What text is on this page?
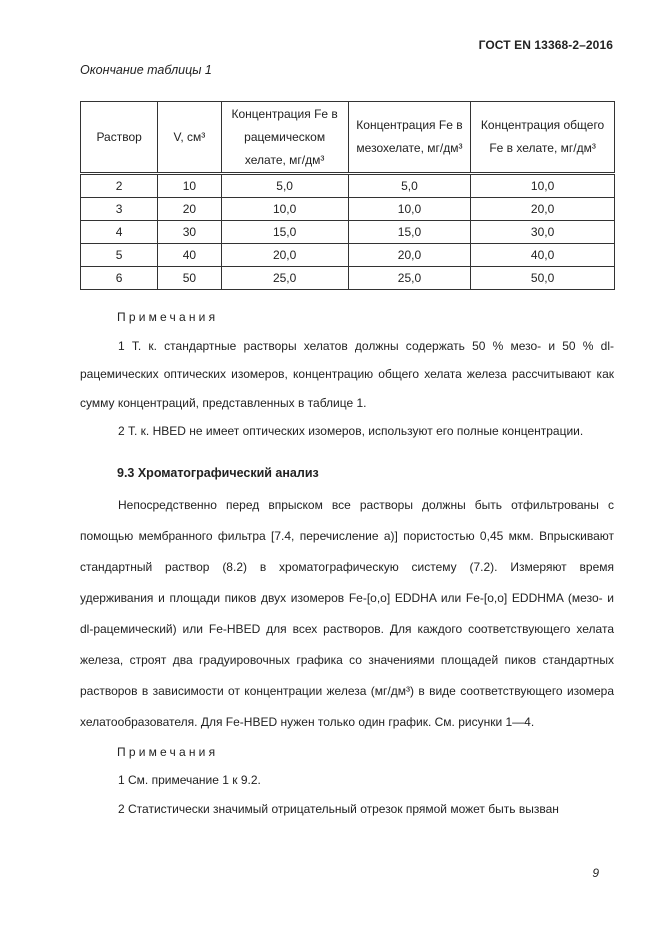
ГОСТ EN 13368-2–2016
Окончание таблицы 1
Раствор	V, см³	Концентрация Fe в рацемическом хелате, мг/дм³	Концентрация Fe в мезохелате, мг/дм³	Концентрация общего Fe в хелате, мг/дм³
2	10	5,0	5,0	10,0
3	20	10,0	10,0	20,0
4	30	15,0	15,0	30,0
5	40	20,0	20,0	40,0
6	50	25,0	25,0	50,0

Примечания

1 Т. к. стандартные растворы хелатов должны содержать 50 % мезо- и 50 % dl-рацемических оптических изомеров, концентрацию общего хелата железа рассчитывают как сумму концентраций, представленных в таблице 1.

2 Т. к. HBED не имеет оптических изомеров, используют его полные концентрации.

9.3 Хроматографический анализ

Непосредственно перед впрыском все растворы должны быть отфильтрованы с помощью мембранного фильтра [7.4, перечисление а)] пористостью 0,45 мкм. Впрыскивают стандартный раствор (8.2) в хроматографическую систему (7.2). Измеряют время удерживания и площади пиков двух изомеров Fe-[о,о] EDDHA или Fe-[о,о] EDDHMA (мезо- и dl-рацемический) или Fe-HBED для всех растворов. Для каждого соответствующего хелата железа, строят два градуировочных графика со значениями площадей пиков стандартных растворов в зависимости от концентрации железа (мг/дм³) в виде соответствующего изомера хелатообразователя. Для Fe-HBED нужен только один график. См. рисунки 1—4.

Примечания

1 См. примечание 1 к 9.2.

2 Статистически значимый отрицательный отрезок прямой может быть вызван

9
